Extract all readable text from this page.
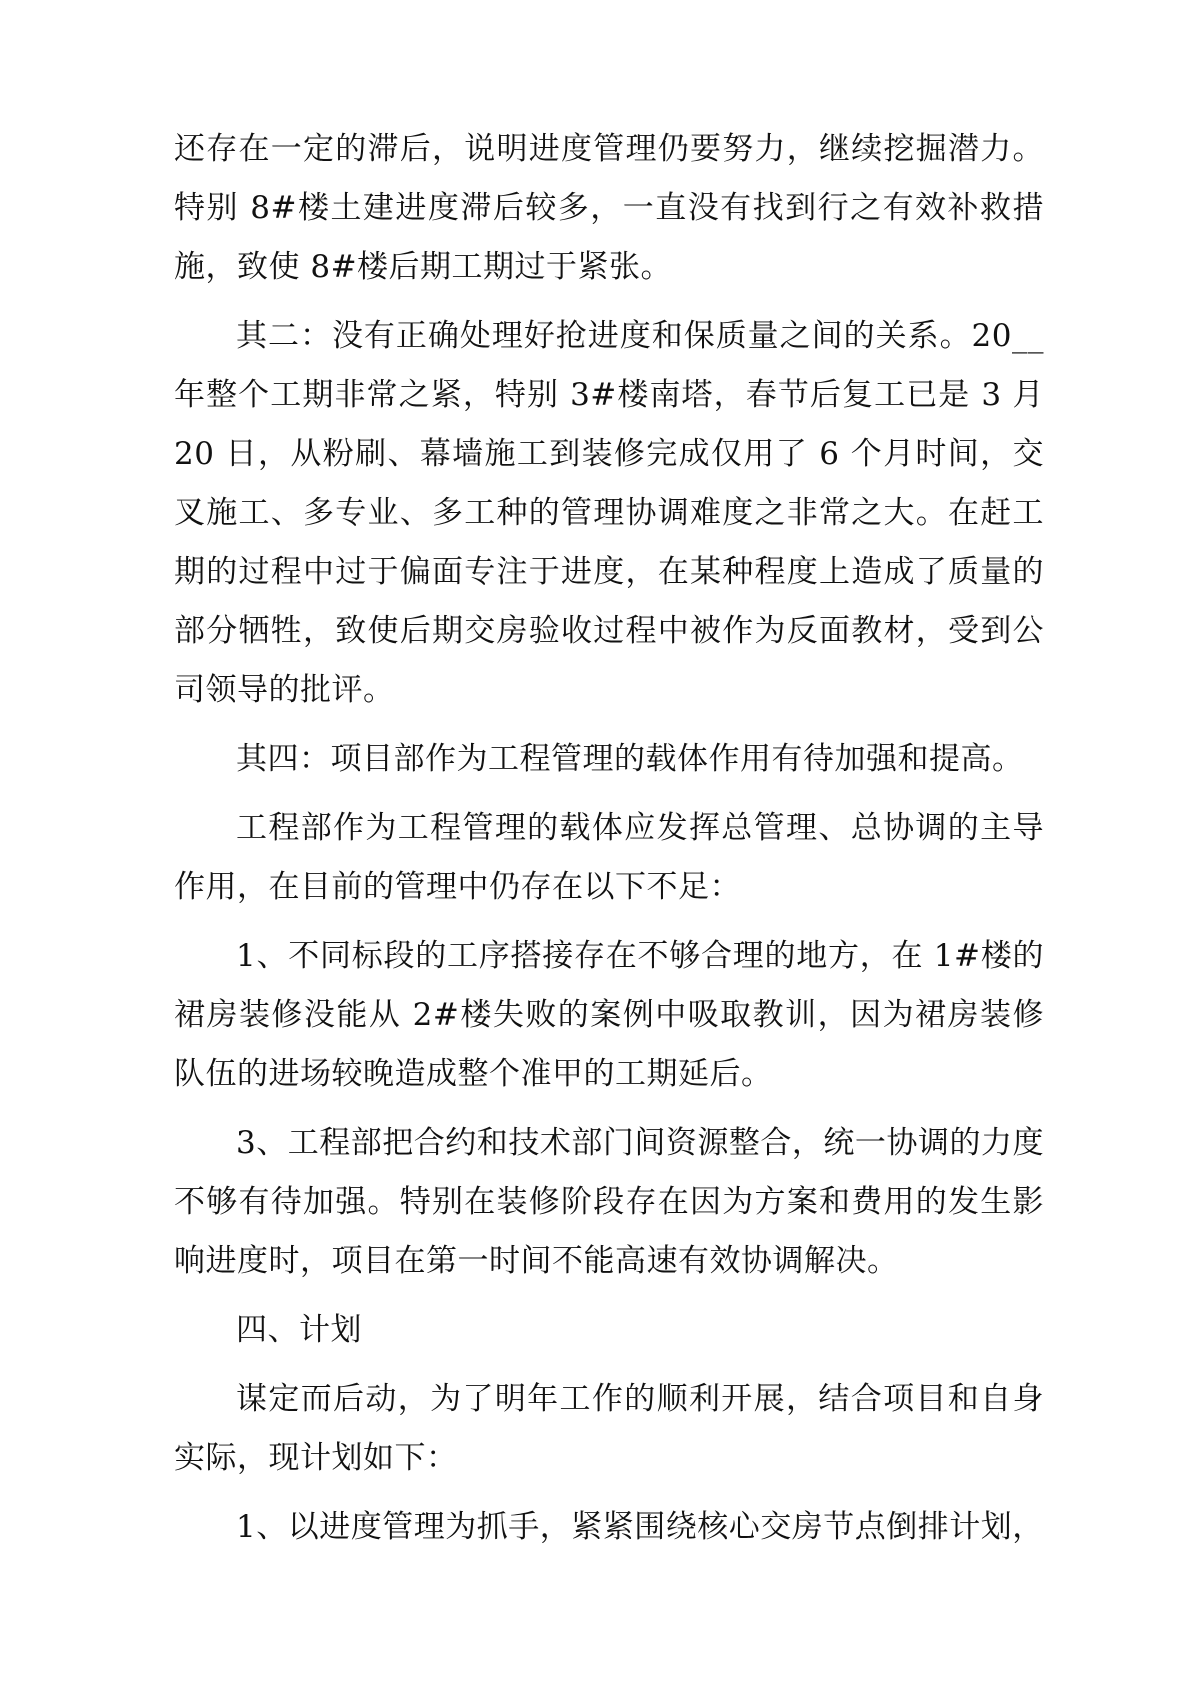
还存在一定的滞后，说明进度管理仍要努力，继续挖掘潜力。特别 8#楼土建进度滞后较多，一直没有找到行之有效补救措施，致使 8#楼后期工期过于紧张。

其二：没有正确处理好抢进度和保质量之间的关系。20__年整个工期非常之紧，特别 3#楼南塔，春节后复工已是 3 月 20 日，从粉刷、幕墙施工到装修完成仅用了 6 个月时间，交叉施工、多专业、多工种的管理协调难度之非常之大。在赶工期的过程中过于偏面专注于进度，在某种程度上造成了质量的部分牺牲，致使后期交房验收过程中被作为反面教材，受到公司领导的批评。

其四：项目部作为工程管理的载体作用有待加强和提高。

工程部作为工程管理的载体应发挥总管理、总协调的主导作用，在目前的管理中仍存在以下不足：

1、不同标段的工序搭接存在不够合理的地方，在 1#楼的裙房装修没能从 2#楼失败的案例中吸取教训，因为裙房装修队伍的进场较晚造成整个准甲的工期延后。

3、工程部把合约和技术部门间资源整合，统一协调的力度不够有待加强。特别在装修阶段存在因为方案和费用的发生影响进度时，项目在第一时间不能高速有效协调解决。

四、计划

谋定而后动，为了明年工作的顺利开展，结合项目和自身实际，现计划如下：

1、以进度管理为抓手，紧紧围绕核心交房节点倒排计划，
